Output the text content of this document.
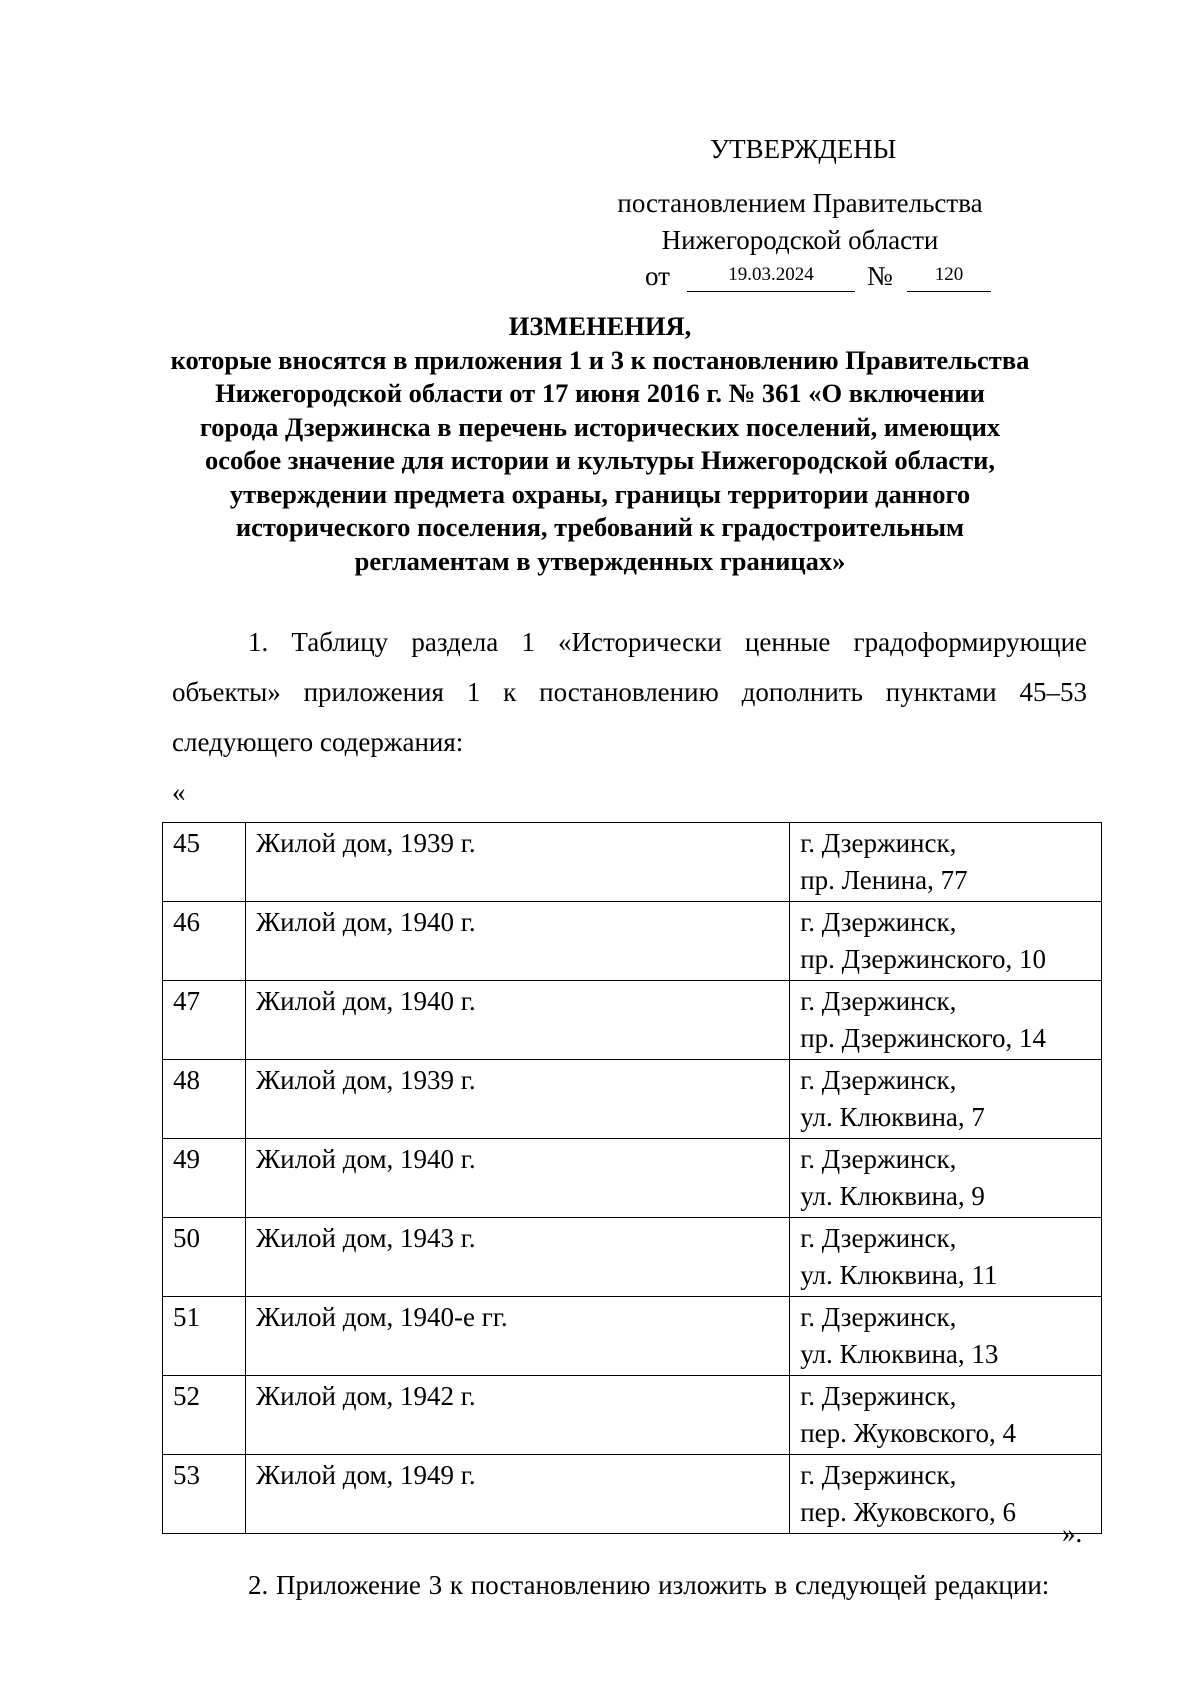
УТВЕРЖДЕНЫ
постановлением Правительства
Нижегородской области
от	19.03.2024	№	120
ИЗМЕНЕНИЯ,
которые вносятся в приложения 1 и 3 к постановлению Правительства
Нижегородской области от 17 июня 2016 г. № 361 «О включении
города Дзержинска в перечень исторических поселений, имеющих
особое значение для истории и культуры Нижегородской области,
утверждении предмета охраны, границы территории данного
исторического поселения, требований к градостроительным
регламентам в утвержденных границах»
1. Таблицу раздела 1 «Исторически ценные градоформирующие
объекты» приложения 1 к постановлению дополнить пунктами 45–53
следующего содержания:
«
45	Жилой дом, 1939 г.	г. Дзержинск,
пр. Ленина, 77

46	Жилой дом, 1940 г.	г. Дзержинск,
пр. Дзержинского, 10

47	Жилой дом, 1940 г.	г. Дзержинск,
пр. Дзержинского, 14

48	Жилой дом, 1939 г.	г. Дзержинск,
ул. Клюквина, 7

49	Жилой дом, 1940 г.	г. Дзержинск,
ул. Клюквина, 9

50	Жилой дом, 1943 г.	г. Дзержинск,
ул. Клюквина, 11

51	Жилой дом, 1940-е гг.	г. Дзержинск,
ул. Клюквина, 13

52	Жилой дом, 1942 г.	г. Дзержинск,
пер. Жуковского, 4

53	Жилой дом, 1949 г.	г. Дзержинск,
пер. Жуковского, 6
».
2. Приложение 3 к постановлению изложить в следующей редакции:
